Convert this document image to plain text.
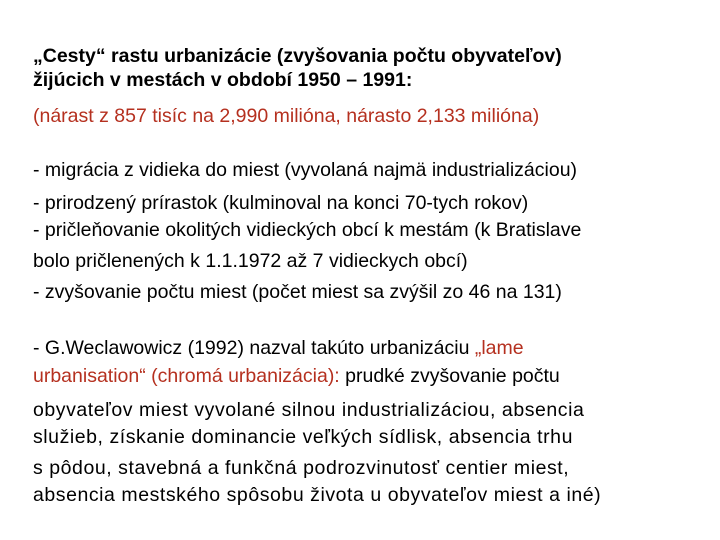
„Cesty“ rastu urbanizácie (zvyšovania počtu obyvateľov)
žijúcich v mestách v období 1950 – 1991:
(nárast z 857 tisíc na 2,990 milióna, nárasto 2,133 milióna)
- migrácia z vidieka do miest (vyvolaná najmä industrializáciou)
- prirodzený prírastok (kulminoval na konci 70-tych rokov)
- pričleňovanie okolitých vidieckých obcí k mestám (k Bratislave
bolo pričlenených k 1.1.1972 až 7 vidieckych obcí)
- zvyšovanie počtu miest (počet miest sa zvýšil zo 46 na 131)
- G.Weclawowicz (1992) nazval takúto urbanizáciu „lame
urbanisation“ (chromá urbanizácia): prudké zvyšovanie počtu
obyvateľov miest vyvolané silnou industrializáciou, absencia
služieb, získanie dominancie veľkých sídlisk, absencia trhu
s pôdou, stavebná a funkčná podrozvinutosť centier miest,
absencia mestského spôsobu života u obyvateľov miest a iné)
